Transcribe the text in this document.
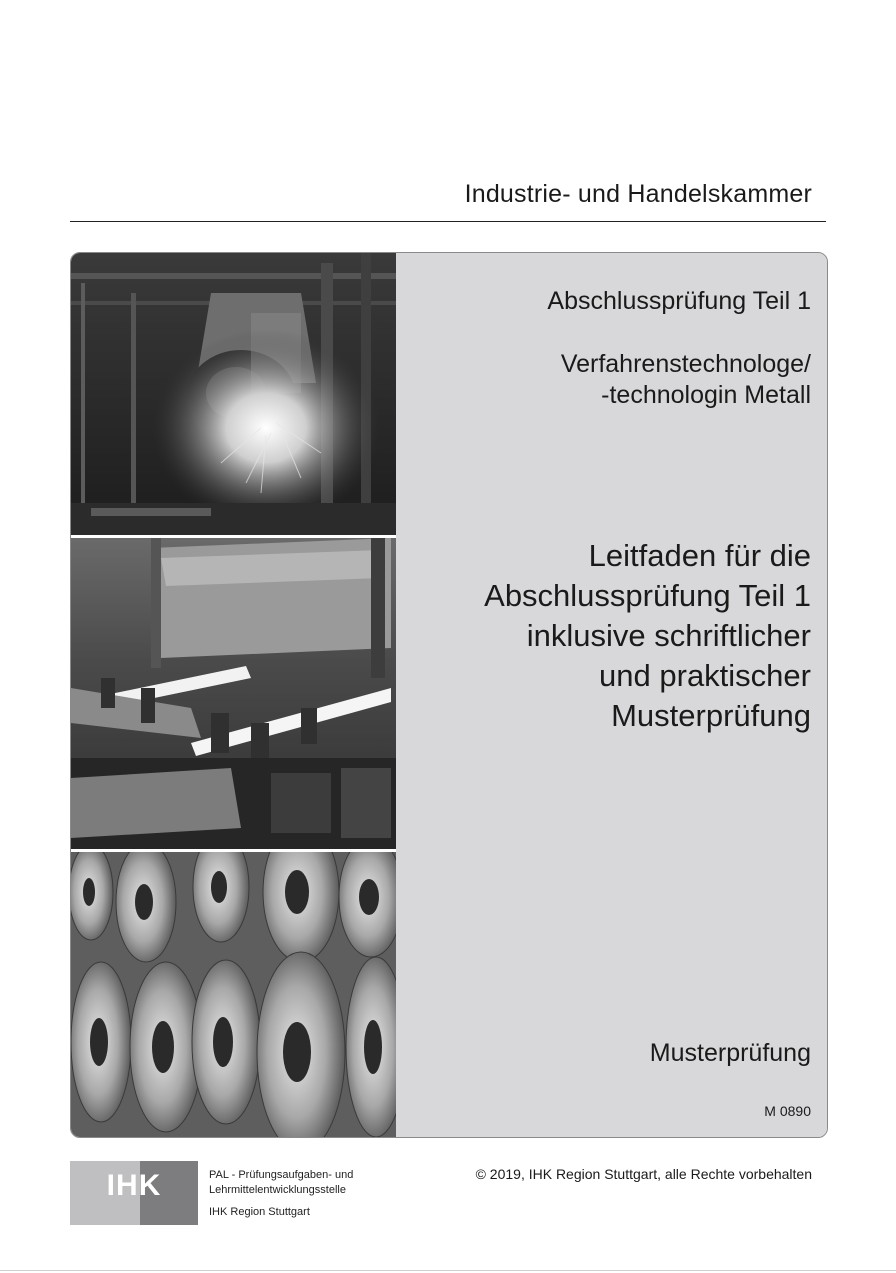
Industrie- und Handelskammer
Abschlussprüfung Teil 1
Verfahrenstechnologe/
-technologin Metall
Leitfaden für die
Abschlussprüfung Teil 1
inklusive schriftlicher
und praktischer
Musterprüfung
Musterprüfung
M 0890
IHK	PAL - Prüfungsaufgaben- und
Lehrmittelentwicklungsstelle
IHK Region Stuttgart
© 2019, IHK Region Stuttgart, alle Rechte vorbehalten
